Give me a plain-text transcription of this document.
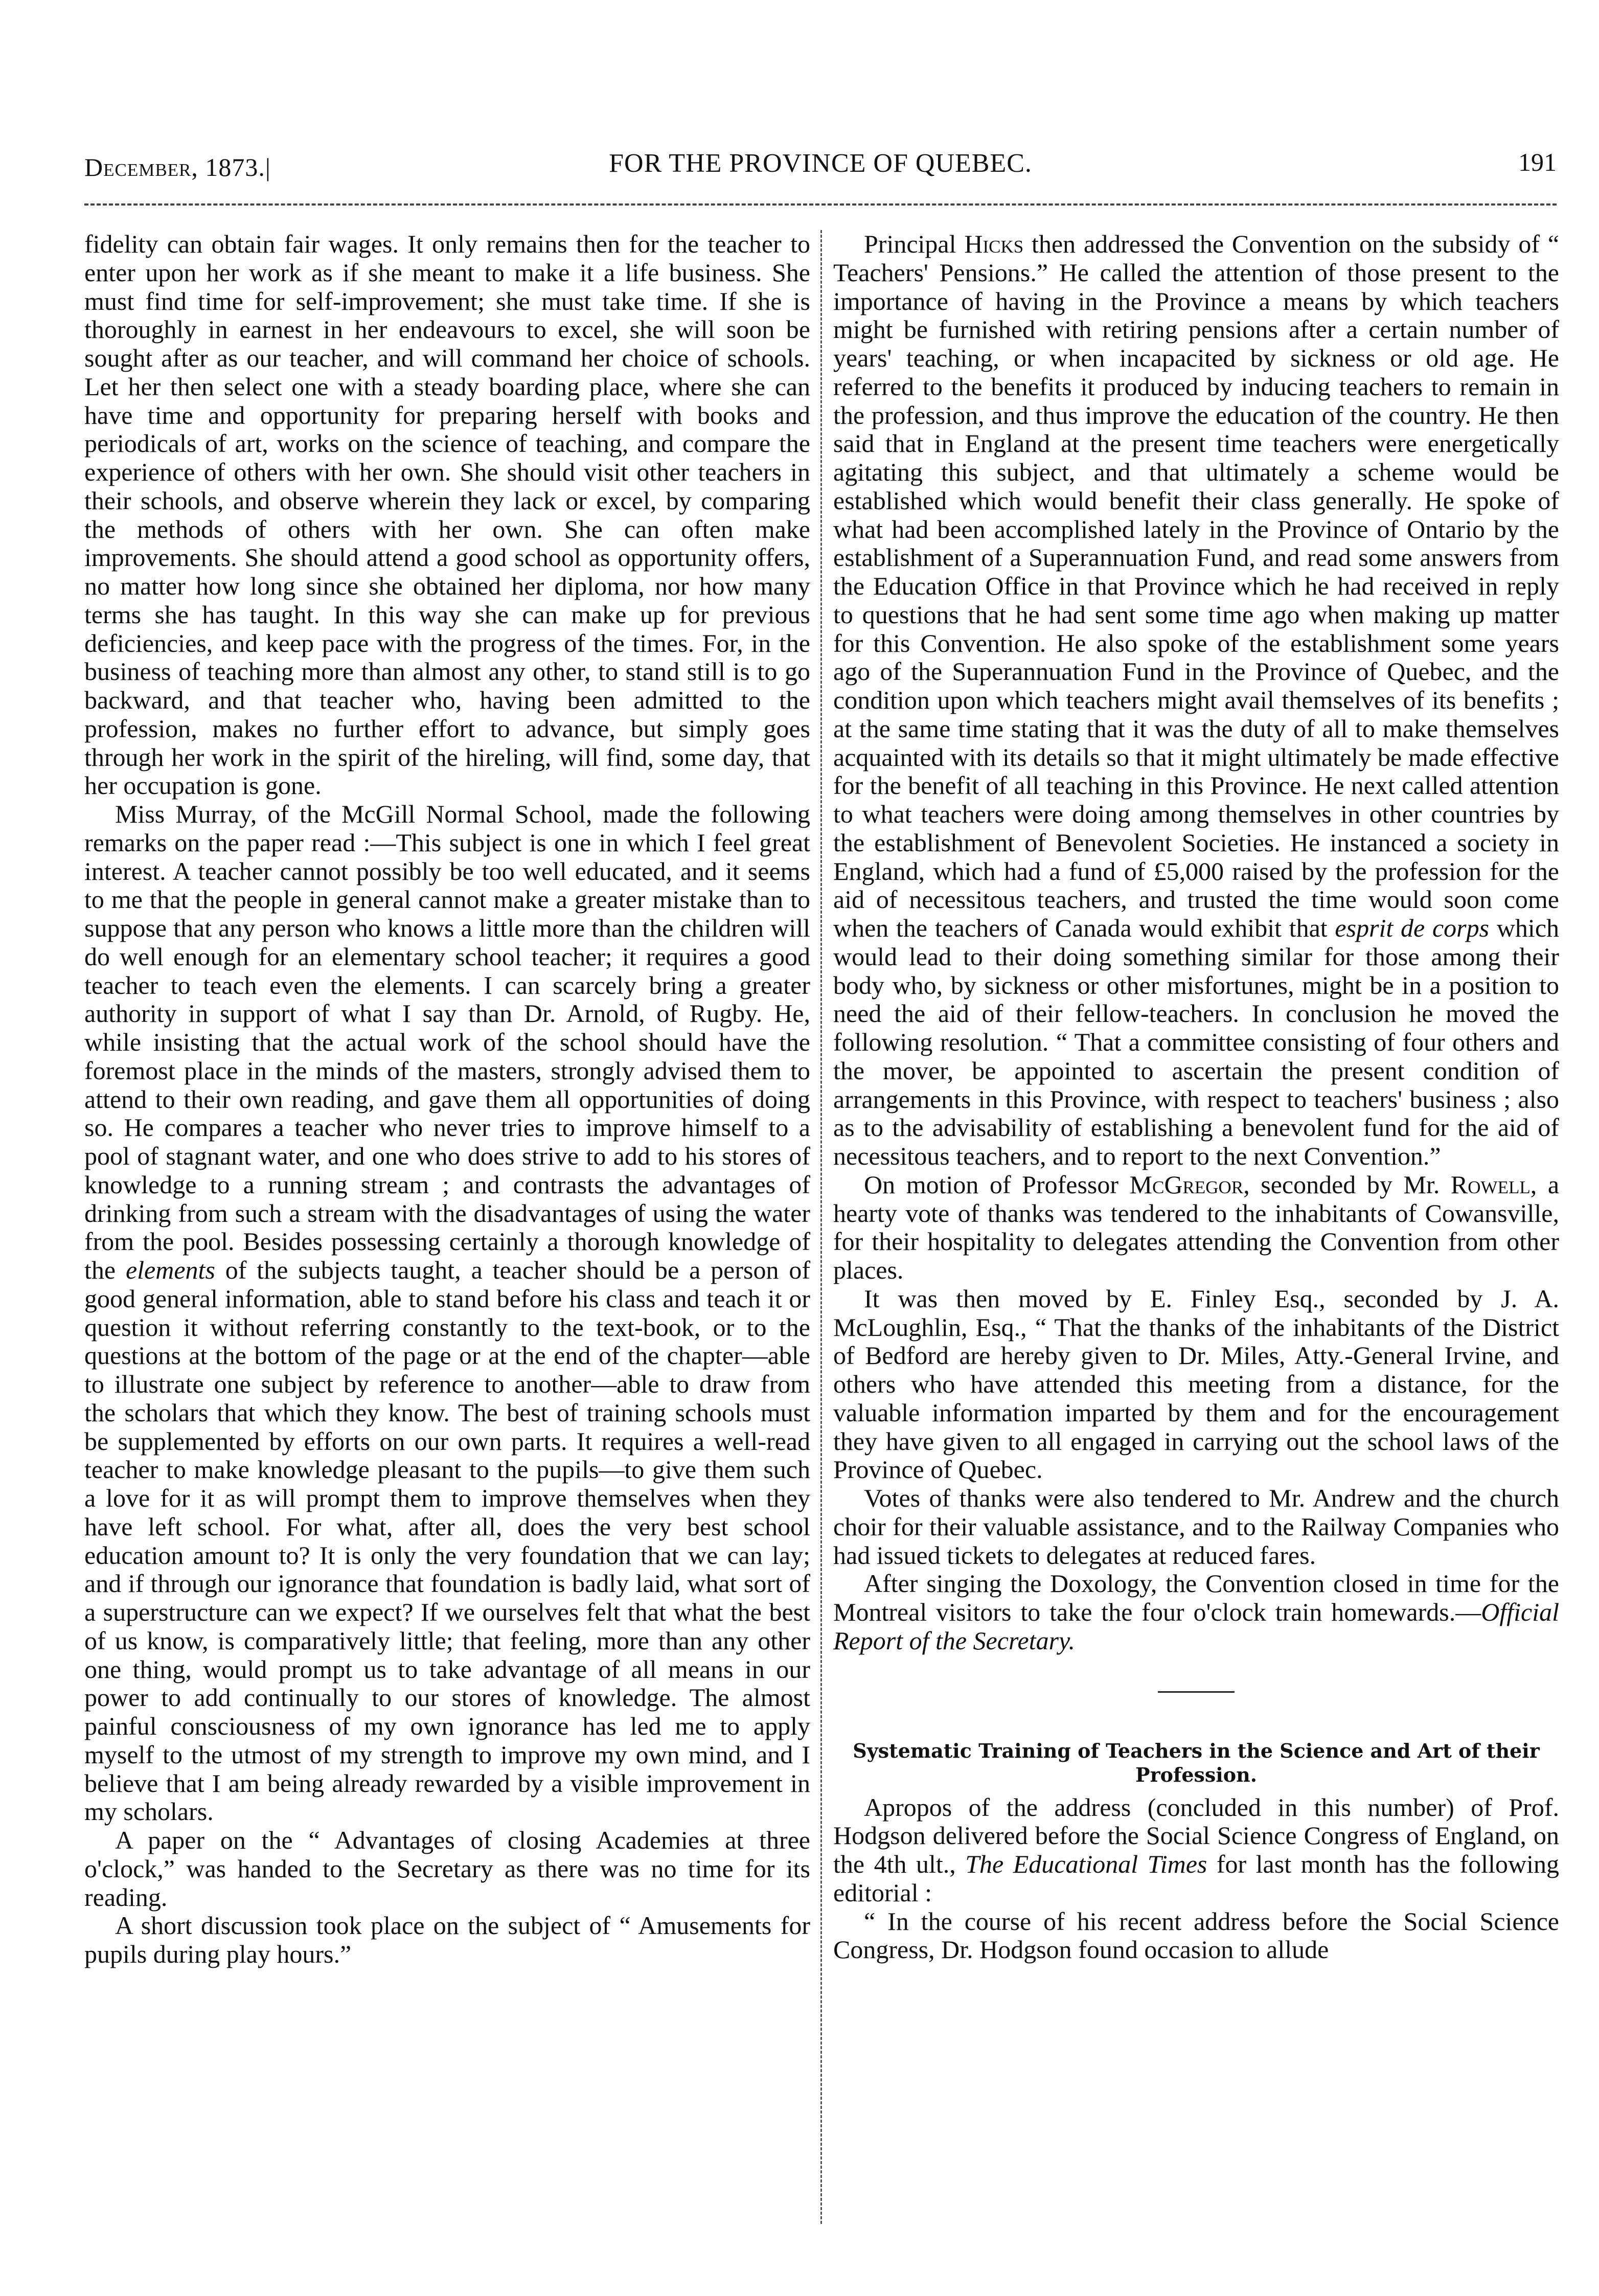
December, 1873.|	FOR THE PROVINCE OF QUEBEC.	191

fidelity can obtain fair wages. It only remains then for the teacher to enter upon her work as if she meant to make it a life business. She must find time for self-improvement; she must take time. If she is thoroughly in earnest in her endeavours to excel, she will soon be sought after as our teacher, and will command her choice of schools. Let her then select one with a steady boarding place, where she can have time and opportunity for preparing herself with books and periodicals of art, works on the science of teaching, and compare the experience of others with her own. She should visit other teachers in their schools, and observe wherein they lack or excel, by comparing the methods of others with her own. She can often make improvements. She should attend a good school as opportunity offers, no matter how long since she obtained her diploma, nor how many terms she has taught. In this way she can make up for previous deficiencies, and keep pace with the progress of the times. For, in the business of teaching more than almost any other, to stand still is to go backward, and that teacher who, having been admitted to the profession, makes no further effort to advance, but simply goes through her work in the spirit of the hireling, will find, some day, that her occupation is gone.

Miss Murray, of the McGill Normal School, made the following remarks on the paper read :—This subject is one in which I feel great interest. A teacher cannot possibly be too well educated, and it seems to me that the people in general cannot make a greater mistake than to suppose that any person who knows a little more than the children will do well enough for an elementary school teacher; it requires a good teacher to teach even the elements. I can scarcely bring a greater authority in support of what I say than Dr. Arnold, of Rugby. He, while insisting that the actual work of the school should have the foremost place in the minds of the masters, strongly advised them to attend to their own reading, and gave them all opportunities of doing so. He compares a teacher who never tries to improve himself to a pool of stagnant water, and one who does strive to add to his stores of knowledge to a running stream ; and contrasts the advantages of drinking from such a stream with the disadvantages of using the water from the pool. Besides possessing certainly a thorough knowledge of the elements of the subjects taught, a teacher should be a person of good general information, able to stand before his class and teach it or question it without referring constantly to the text-book, or to the questions at the bottom of the page or at the end of the chapter—able to illustrate one subject by reference to another—able to draw from the scholars that which they know. The best of training schools must be supplemented by efforts on our own parts. It requires a well-read teacher to make knowledge pleasant to the pupils—to give them such a love for it as will prompt them to improve themselves when they have left school. For what, after all, does the very best school education amount to? It is only the very foundation that we can lay; and if through our ignorance that foundation is badly laid, what sort of a superstructure can we expect? If we ourselves felt that what the best of us know, is comparatively little; that feeling, more than any other one thing, would prompt us to take advantage of all means in our power to add continually to our stores of knowledge. The almost painful consciousness of my own ignorance has led me to apply myself to the utmost of my strength to improve my own mind, and I believe that I am being already rewarded by a visible improvement in my scholars.

A paper on the “ Advantages of closing Academies at three o'clock,” was handed to the Secretary as there was no time for its reading.

A short discussion took place on the subject of “ Amusements for pupils during play hours.”

Principal Hicks then addressed the Convention on the subsidy of “ Teachers' Pensions.” He called the attention of those present to the importance of having in the Province a means by which teachers might be furnished with retiring pensions after a certain number of years' teaching, or when incapacited by sickness or old age. He referred to the benefits it produced by inducing teachers to remain in the profession, and thus improve the education of the country. He then said that in England at the present time teachers were energetically agitating this subject, and that ultimately a scheme would be established which would benefit their class generally. He spoke of what had been accomplished lately in the Province of Ontario by the establishment of a Superannuation Fund, and read some answers from the Education Office in that Province which he had received in reply to questions that he had sent some time ago when making up matter for this Convention. He also spoke of the establishment some years ago of the Superannuation Fund in the Province of Quebec, and the condition upon which teachers might avail themselves of its benefits ; at the same time stating that it was the duty of all to make themselves acquainted with its details so that it might ultimately be made effective for the benefit of all teaching in this Province. He next called attention to what teachers were doing among themselves in other countries by the establishment of Benevolent Societies. He instanced a society in England, which had a fund of £5,000 raised by the profession for the aid of necessitous teachers, and trusted the time would soon come when the teachers of Canada would exhibit that esprit de corps which would lead to their doing something similar for those among their body who, by sickness or other misfortunes, might be in a position to need the aid of their fellow-teachers. In conclusion he moved the following resolution. “ That a committee consisting of four others and the mover, be appointed to ascertain the present condition of arrangements in this Province, with respect to teachers' business ; also as to the advisability of establishing a benevolent fund for the aid of necessitous teachers, and to report to the next Convention.”

On motion of Professor McGregor, seconded by Mr. Rowell, a hearty vote of thanks was tendered to the inhabitants of Cowansville, for their hospitality to delegates attending the Convention from other places.

It was then moved by E. Finley Esq., seconded by J. A. McLoughlin, Esq., “ That the thanks of the inhabitants of the District of Bedford are hereby given to Dr. Miles, Atty.-General Irvine, and others who have attended this meeting from a distance, for the valuable information imparted by them and for the encouragement they have given to all engaged in carrying out the school laws of the Province of Quebec.

Votes of thanks were also tendered to Mr. Andrew and the church choir for their valuable assistance, and to the Railway Companies who had issued tickets to delegates at reduced fares.

After singing the Doxology, the Convention closed in time for the Montreal visitors to take the four o'clock train homewards.—Official Report of the Secretary.

Systematic Training of Teachers in the Science and Art of their Profession.

Apropos of the address (concluded in this number) of Prof. Hodgson delivered before the Social Science Congress of England, on the 4th ult., The Educational Times for last month has the following editorial :

“ In the course of his recent address before the Social Science Congress, Dr. Hodgson found occasion to allude
